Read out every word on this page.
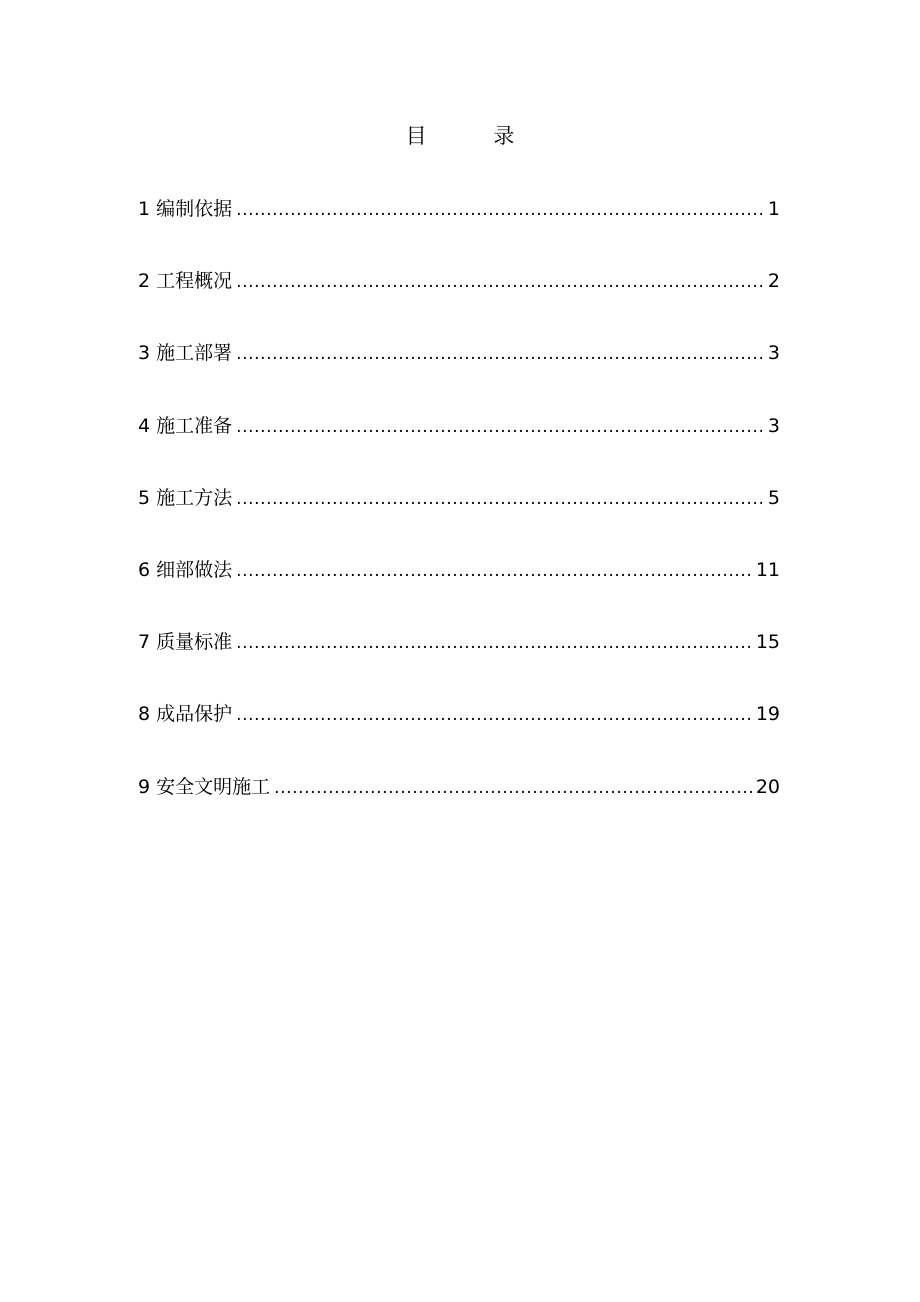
目 录
1 编制依据 .....	1
2 工程概况 .....	2
3 施工部署 .....	3
4 施工准备 .....	3
5 施工方法 .....	5
6 细部做法 .....	11
7 质量标准 .....	15
8 成品保护 .....	19
9 安全文明施工 .....	20
